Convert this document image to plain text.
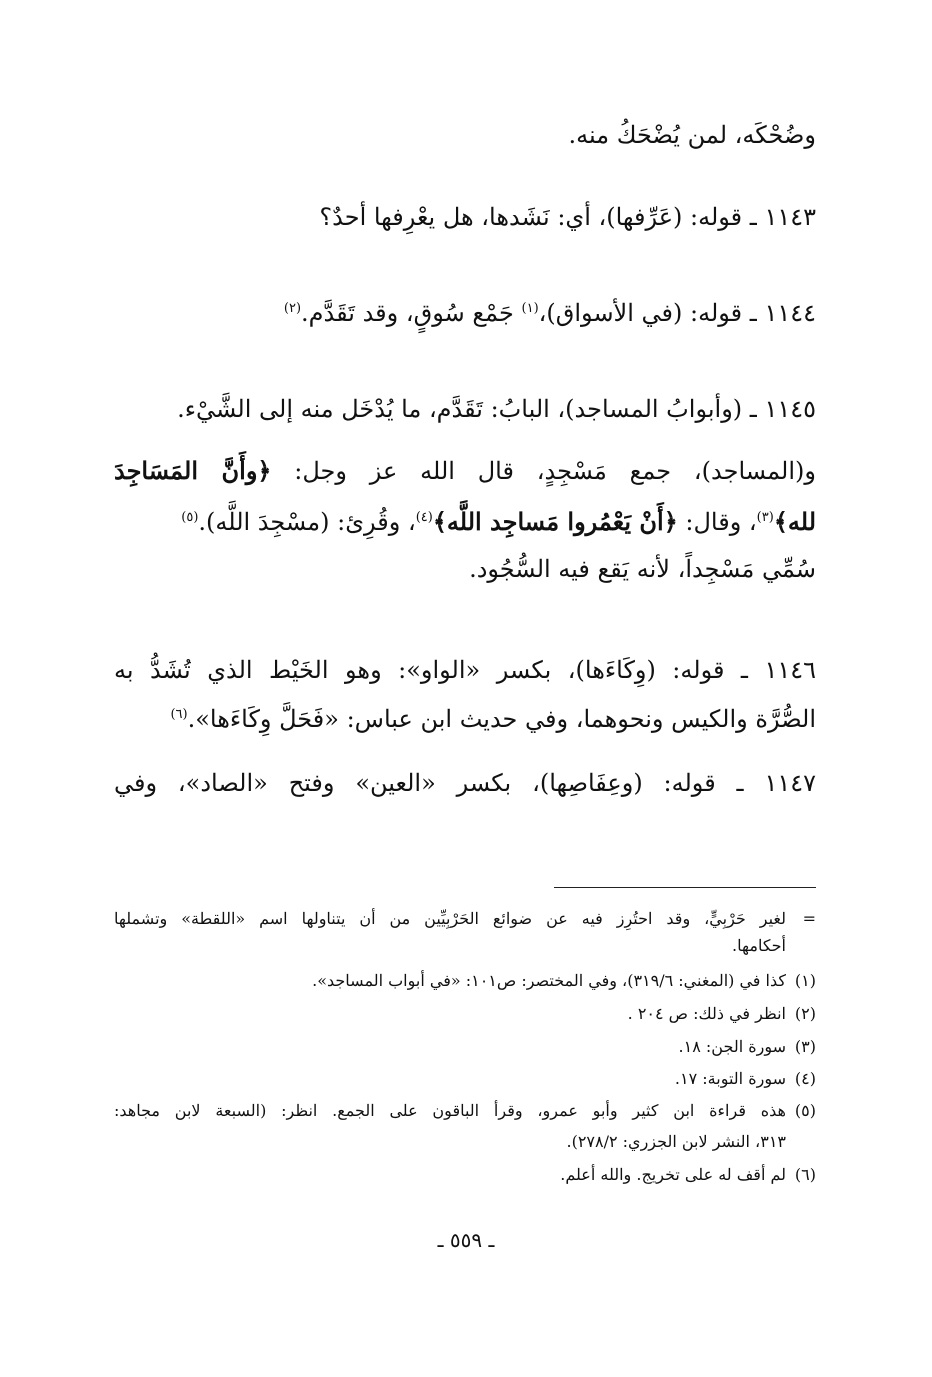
وضُحْكَه، لمن يُضْحَكُ منه.
١١٤٣ ـ قوله: (عَرِّفها)، أي: نَشَدها، هل يعْرِفها أحدٌ؟
١١٤٤ ـ قوله: (في الأسواق)،$^{(١)}$ جَمْع سُوقٍ، وقد تَقَدَّم.$^{(٢)}$
١١٤٥ ـ (وأبوابُ المساجد)، البابُ: تَقَدَّم، ما يُدْخَل منه إلى الشَّيْء.
و(المساجد)، جمع مَسْجِدٍ، قال الله عز وجل: ﴿وأَنَّ المَسَاجِدَ
لله﴾$^{(٣)}$، وقال: ﴿أَنْ يَعْمُروا مَساجِد اللَّه﴾$^{(٤)}$، وقُرِئ: (مسْجِدَ اللَّه).$^{(٥)}$
سُمِّي مَسْجِداً، لأنه يَقع فيه السُّجُود.
١١٤٦ ـ قوله: (وِكَاءَها)، بكسر «الواو»: وهو الخَيْط الذي تُشَدُّ به
الصُّرَّة والكيس ونحوهما، وفي حديث ابن عباس: «فَحَلَّ وِكَاءَها».$^{(٦)}$
١١٤٧ ـ قوله: (وعِفَاصِها)، بكسر «العين» وفتح «الصاد»، وفي
=لغير حَرْبِيٍّ، وقد احتُرِز فيه عن ضوائع الحَرْبِيِّين من أن يتناولها اسم «اللقطة» وتشملها
أحكامها.
(١)كذا في (المغني: ٣١٩/٦)، وفي المختصر: ص١٠١: «في أبواب المساجد».
(٢)انظر في ذلك: ص ٢٠٤ .
(٣)سورة الجن: ١٨.
(٤)سورة التوبة: ١٧.
(٥)هذه قراءة ابن كثير وأبو عمرو، وقرأ الباقون على الجمع. انظر: (السبعة لابن مجاهد:
٣١٣، النشر لابن الجزري: ٢٧٨/٢).
(٦)لم أقف له على تخريج. والله أعلم.
ـ ٥٥٩ ـ
